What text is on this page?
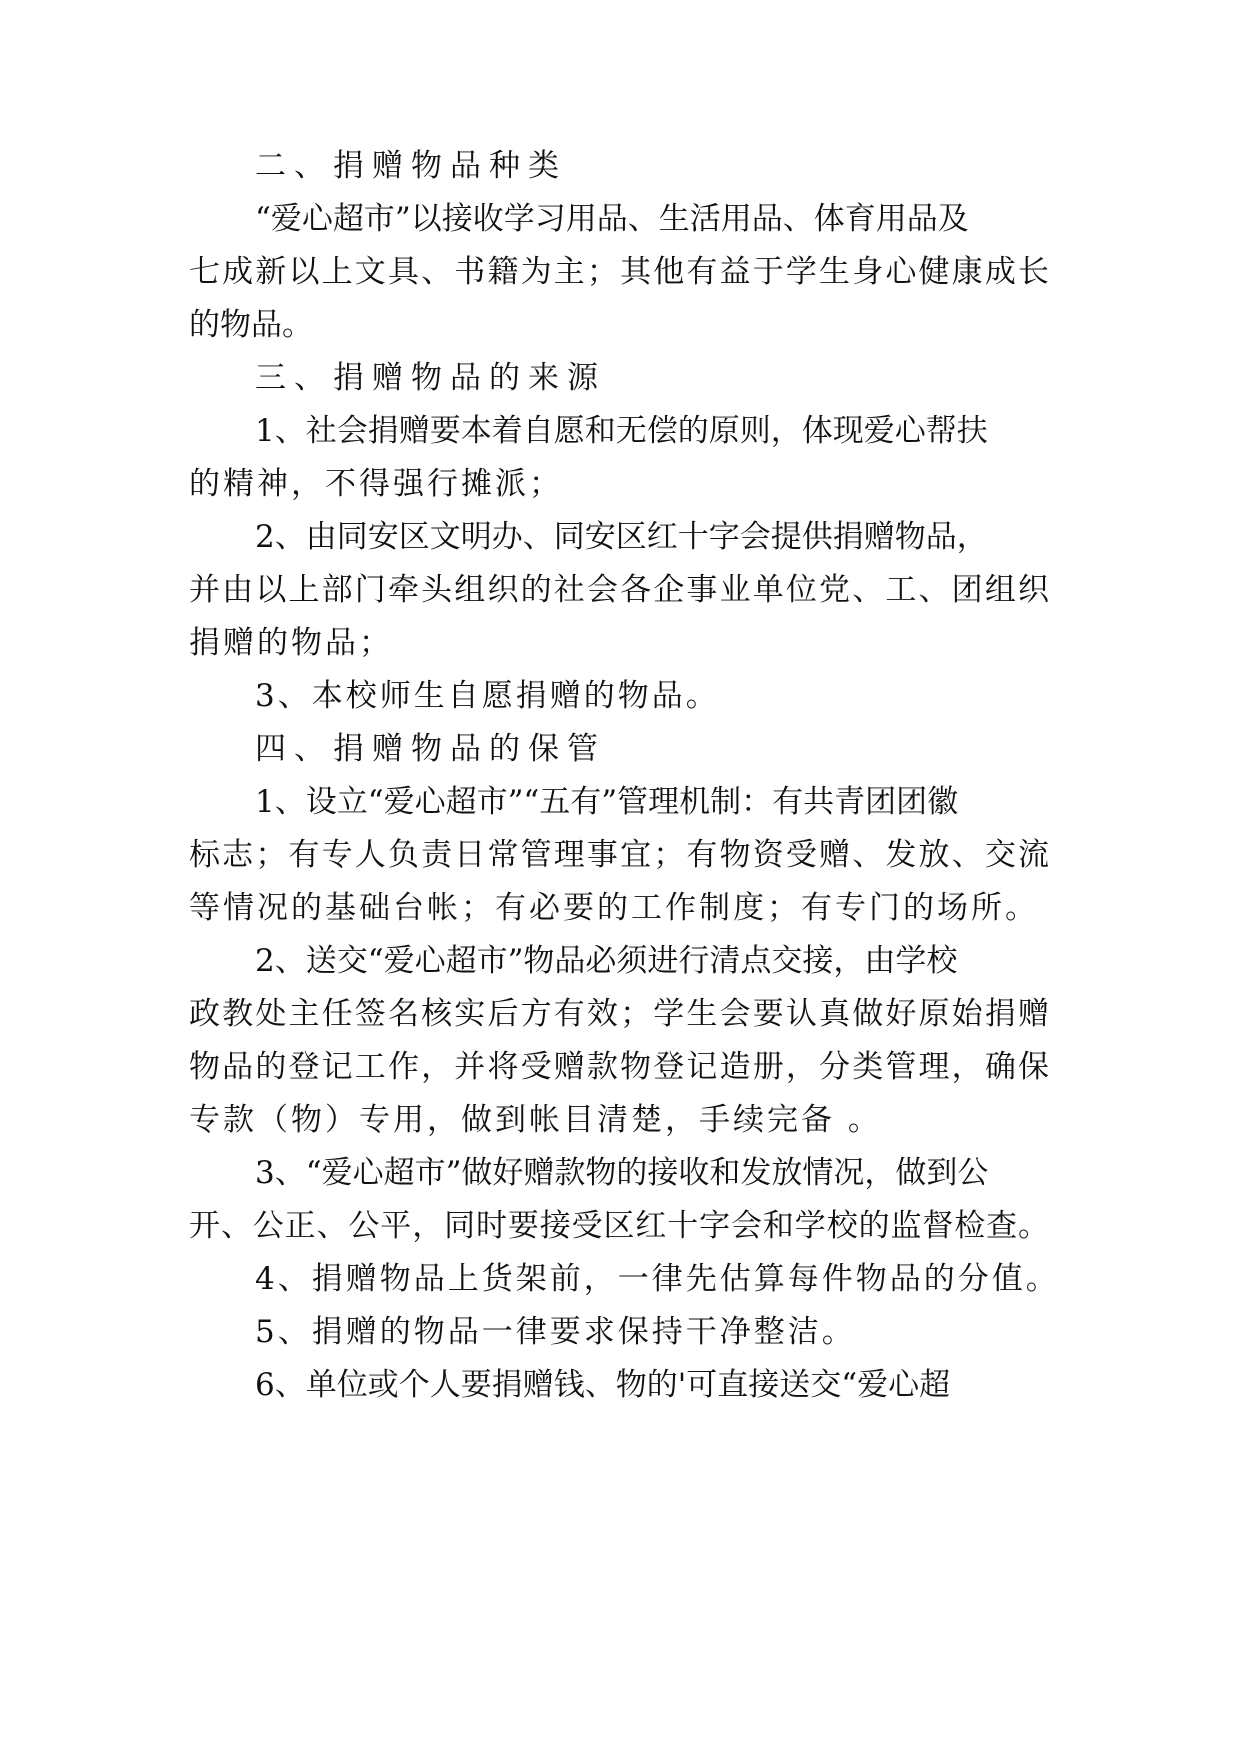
二、捐赠物品种类
“爱心超市”以接收学习用品、生活用品、体育用品及
七成新以上文具、书籍为主；其他有益于学生身心健康成长
的物品。
三、捐赠物品的来源
1、社会捐赠要本着自愿和无偿的原则，体现爱心帮扶
的精神，不得强行摊派；
2、由同安区文明办、同安区红十字会提供捐赠物品，
并由以上部门牵头组织的社会各企事业单位党、工、团组织
捐赠的物品；
3、本校师生自愿捐赠的物品。
四、捐赠物品的保管
1、设立“爱心超市”“五有”管理机制：有共青团团徽
标志；有专人负责日常管理事宜；有物资受赠、发放、交流
等情况的基础台帐；有必要的工作制度；有专门的场所。
2、送交“爱心超市”物品必须进行清点交接，由学校
政教处主任签名核实后方有效；学生会要认真做好原始捐赠
物品的登记工作，并将受赠款物登记造册，分类管理，确保
专款（物）专用，做到帐目清楚，手续完备 。
3、“爱心超市”做好赠款物的接收和发放情况，做到公
开、公正、公平，同时要接受区红十字会和学校的监督检查。
4、捐赠物品上货架前，一律先估算每件物品的分值。
5、捐赠的物品一律要求保持干净整洁。
6、单位或个人要捐赠钱、物的'可直接送交“爱心超
